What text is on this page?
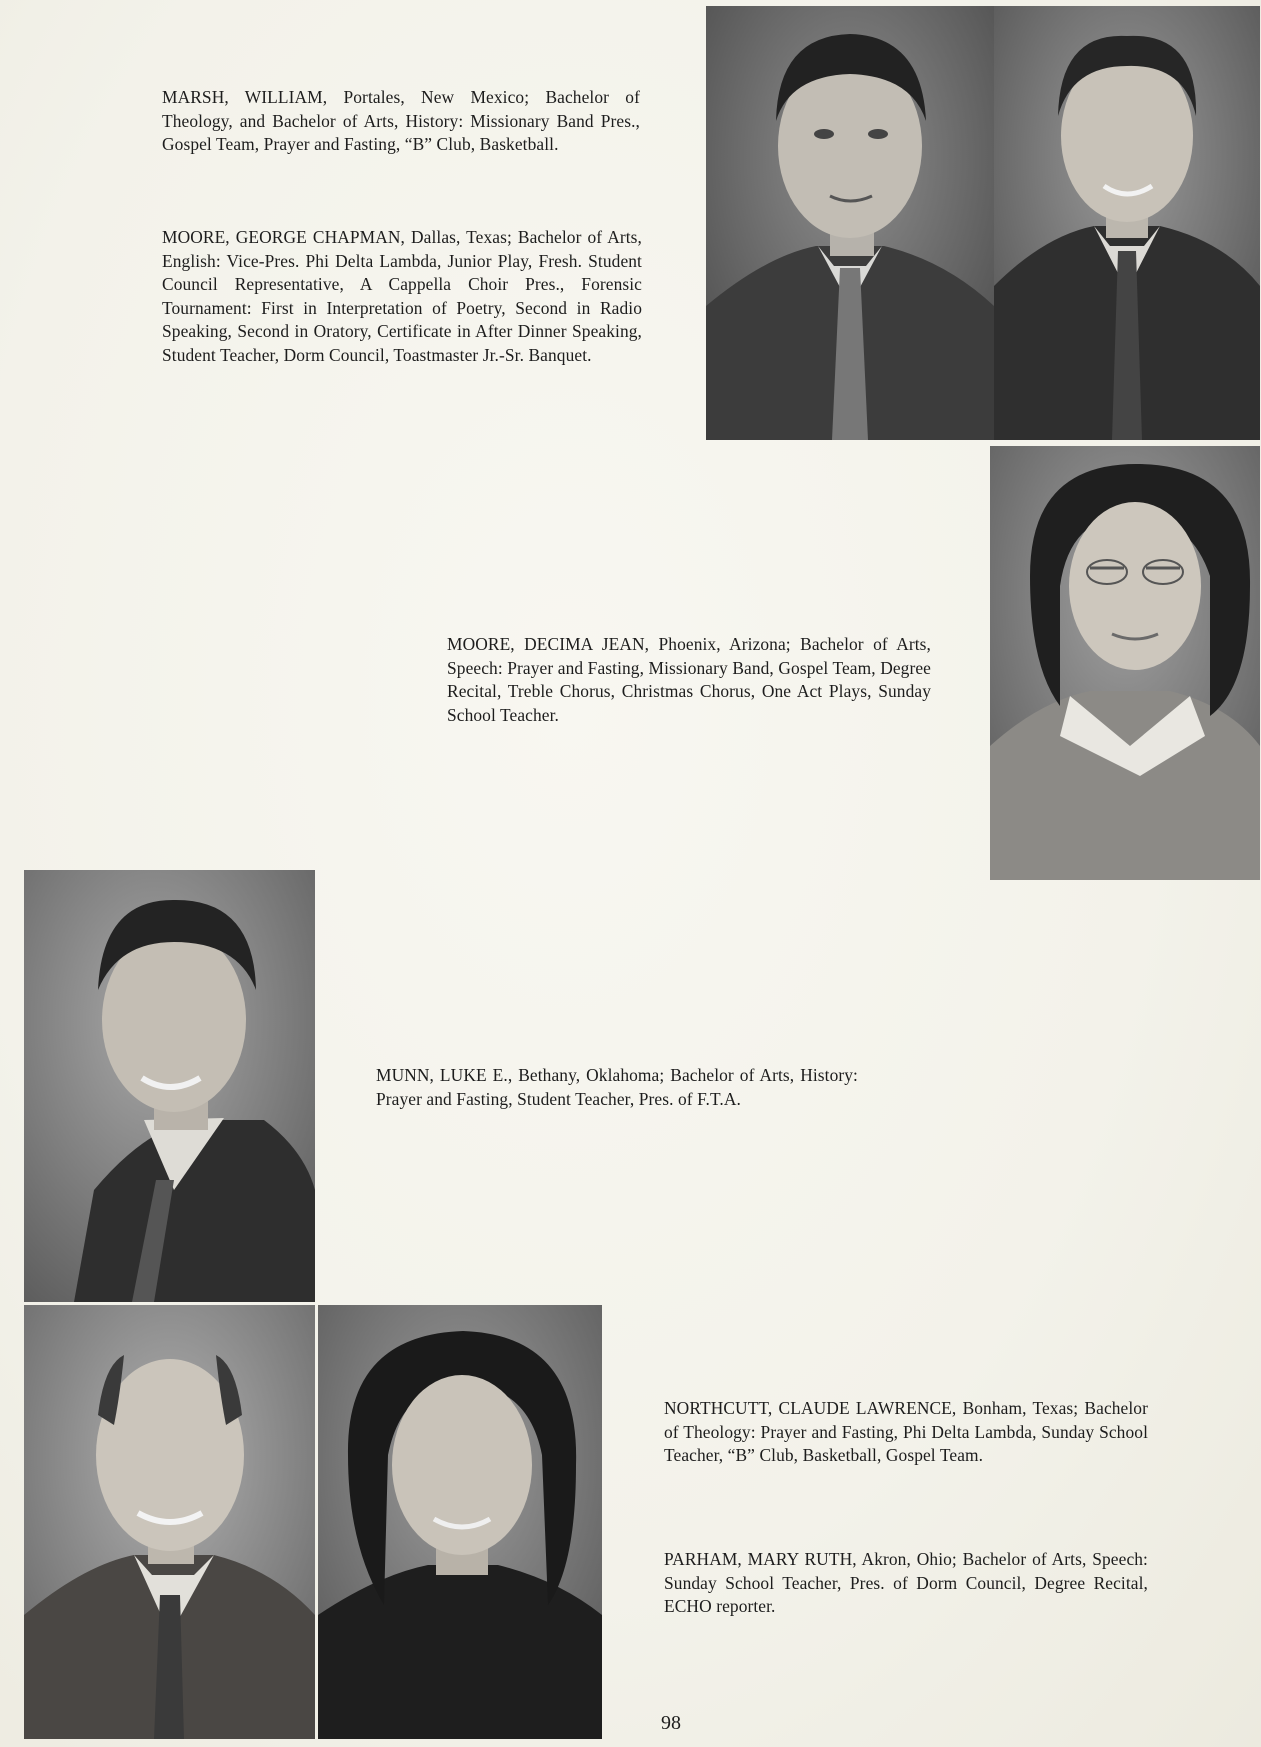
MARSH, WILLIAM, Portales, New Mexico; Bachelor of Theology, and Bachelor of Arts, History: Missionary Band Pres., Gospel Team, Prayer and Fasting, “B” Club, Basketball.

MOORE, GEORGE CHAPMAN, Dallas, Texas; Bachelor of Arts, English: Vice-Pres. Phi Delta Lambda, Junior Play, Fresh. Student Council Representative, A Cappella Choir Pres., Forensic Tournament: First in Interpretation of Poetry, Second in Radio Speaking, Second in Oratory, Certificate in After Dinner Speaking, Student Teacher, Dorm Council, Toastmaster Jr.-Sr. Banquet.

MOORE, DECIMA JEAN, Phoenix, Arizona; Bachelor of Arts, Speech: Prayer and Fasting, Missionary Band, Gospel Team, Degree Recital, Treble Chorus, Christmas Chorus, One Act Plays, Sunday School Teacher.

MUNN, LUKE E., Bethany, Oklahoma; Bachelor of Arts, History: Prayer and Fasting, Student Teacher, Pres. of F.T.A.

NORTHCUTT, CLAUDE LAWRENCE, Bonham, Texas; Bachelor of Theology: Prayer and Fasting, Phi Delta Lambda, Sunday School Teacher, “B” Club, Basketball, Gospel Team.

PARHAM, MARY RUTH, Akron, Ohio; Bachelor of Arts, Speech: Sunday School Teacher, Pres. of Dorm Council, Degree Recital, ECHO reporter.

98
